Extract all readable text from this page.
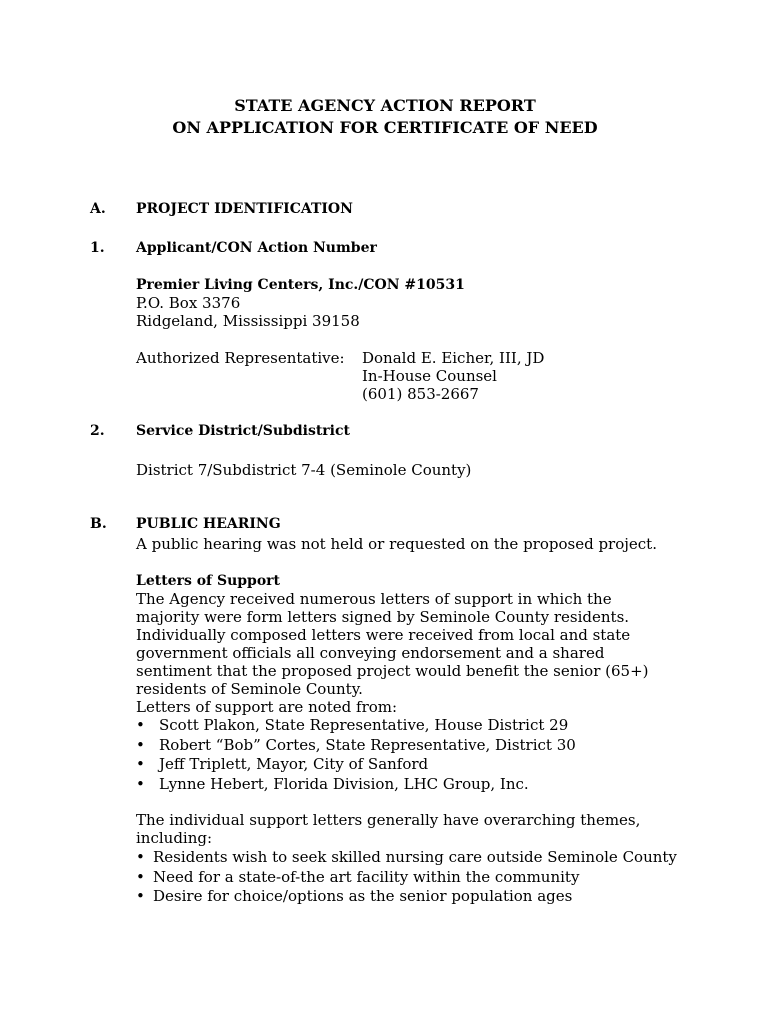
STATE AGENCY ACTION REPORT
ON APPLICATION FOR CERTIFICATE OF NEED
A. PROJECT IDENTIFICATION
1. Applicant/CON Action Number
Premier Living Centers, Inc./CON #10531
P.O. Box 3376
Ridgeland, Mississippi 39158
Authorized Representative: Donald E. Eicher, III, JD
In-House Counsel
(601) 853-2667
2. Service District/Subdistrict
District 7/Subdistrict 7-4 (Seminole County)
B. PUBLIC HEARING
A public hearing was not held or requested on the proposed project.
Letters of Support
The Agency received numerous letters of support in which the majority were form letters signed by Seminole County residents. Individually composed letters were received from local and state government officials all conveying endorsement and a shared sentiment that the proposed project would benefit the senior (65+) residents of Seminole County.
Letters of support are noted from:
• Scott Plakon, State Representative, House District 29
• Robert “Bob” Cortes, State Representative, District 30
• Jeff Triplett, Mayor, City of Sanford
• Lynne Hebert, Florida Division, LHC Group, Inc.
The individual support letters generally have overarching themes, including:
• Residents wish to seek skilled nursing care outside Seminole County
• Need for a state-of-the art facility within the community
• Desire for choice/options as the senior population ages
